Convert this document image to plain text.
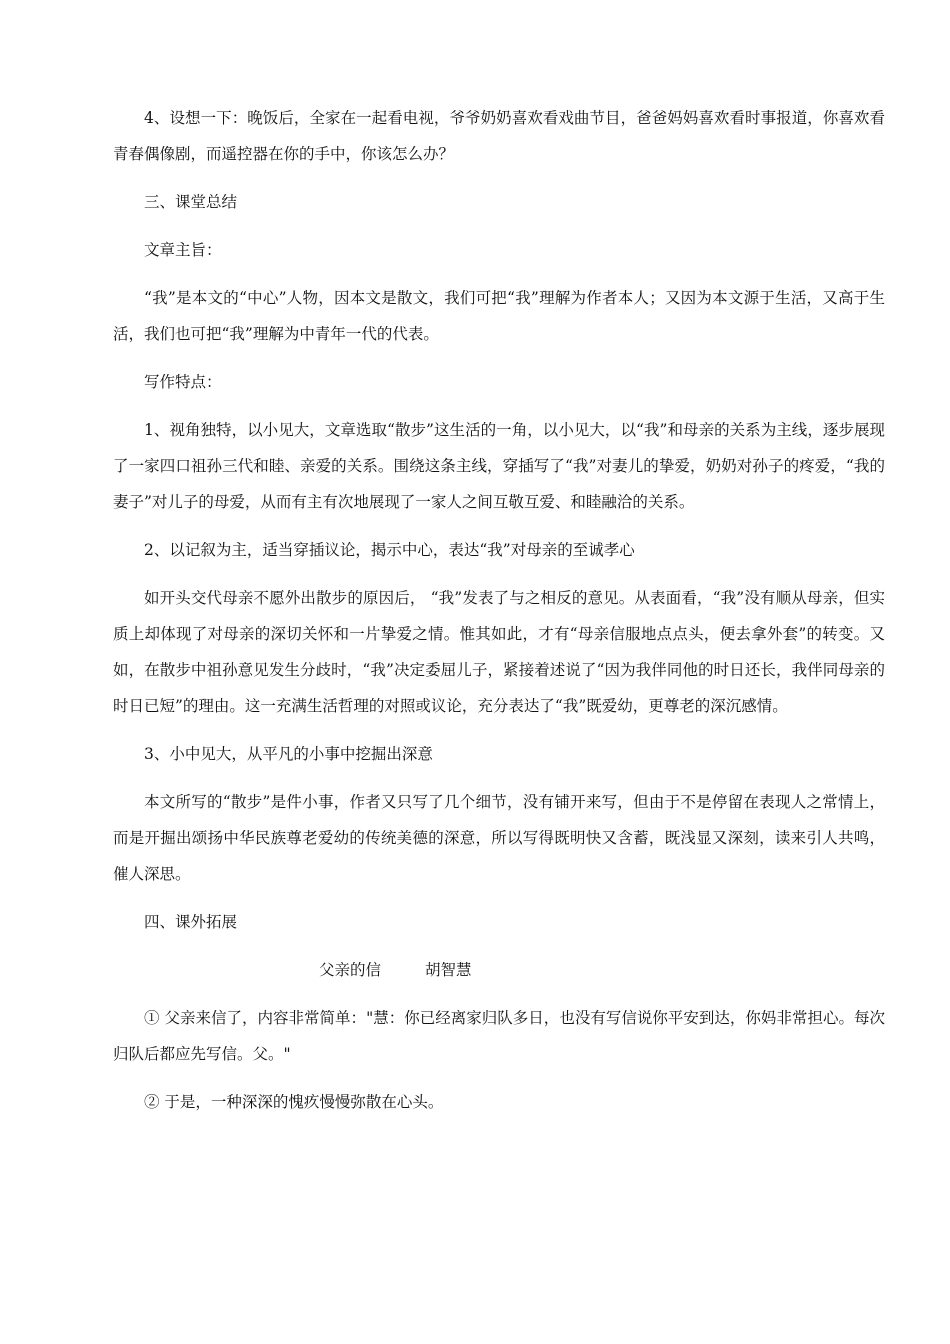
4、设想一下：晚饭后，全家在一起看电视，爷爷奶奶喜欢看戏曲节目，爸爸妈妈喜欢看时事报道，你喜欢看青春偶像剧，而遥控器在你的手中，你该怎么办？

三、课堂总结

文章主旨：

“我”是本文的“中心”人物，因本文是散文，我们可把“我”理解为作者本人；又因为本文源于生活，又高于生活，我们也可把“我”理解为中青年一代的代表。

写作特点：

1、视角独特，以小见大，文章选取“散步”这生活的一角，以小见大，以“我”和母亲的关系为主线，逐步展现了一家四口祖孙三代和睦、亲爱的关系。围绕这条主线，穿插写了“我”对妻儿的挚爱，奶奶对孙子的疼爱，“我的妻子”对儿子的母爱，从而有主有次地展现了一家人之间互敬互爱、和睦融洽的关系。

2、以记叙为主，适当穿插议论，揭示中心，表达“我”对母亲的至诚孝心

如开头交代母亲不愿外出散步的原因后， “我”发表了与之相反的意见。从表面看，“我”没有顺从母亲，但实质上却体现了对母亲的深切关怀和一片挚爱之情。惟其如此，才有“母亲信服地点点头，便去拿外套”的转变。又如，在散步中祖孙意见发生分歧时，“我”决定委屈儿子，紧接着述说了“因为我伴同他的时日还长，我伴同母亲的时日已短”的理由。这一充满生活哲理的对照或议论，充分表达了“我”既爱幼，更尊老的深沉感情。

3、小中见大，从平凡的小事中挖掘出深意

本文所写的“散步”是件小事，作者又只写了几个细节，没有铺开来写，但由于不是停留在表现人之常情上，而是开掘出颂扬中华民族尊老爱幼的传统美德的深意，所以写得既明快又含蓄，既浅显又深刻，读来引人共鸣，催人深思。

四、课外拓展

父亲的信	胡智慧

① 父亲来信了，内容非常简单："慧：你已经离家归队多日，也没有写信说你平安到达，你妈非常担心。每次归队后都应先写信。父。"

② 于是，一种深深的愧疚慢慢弥散在心头。
